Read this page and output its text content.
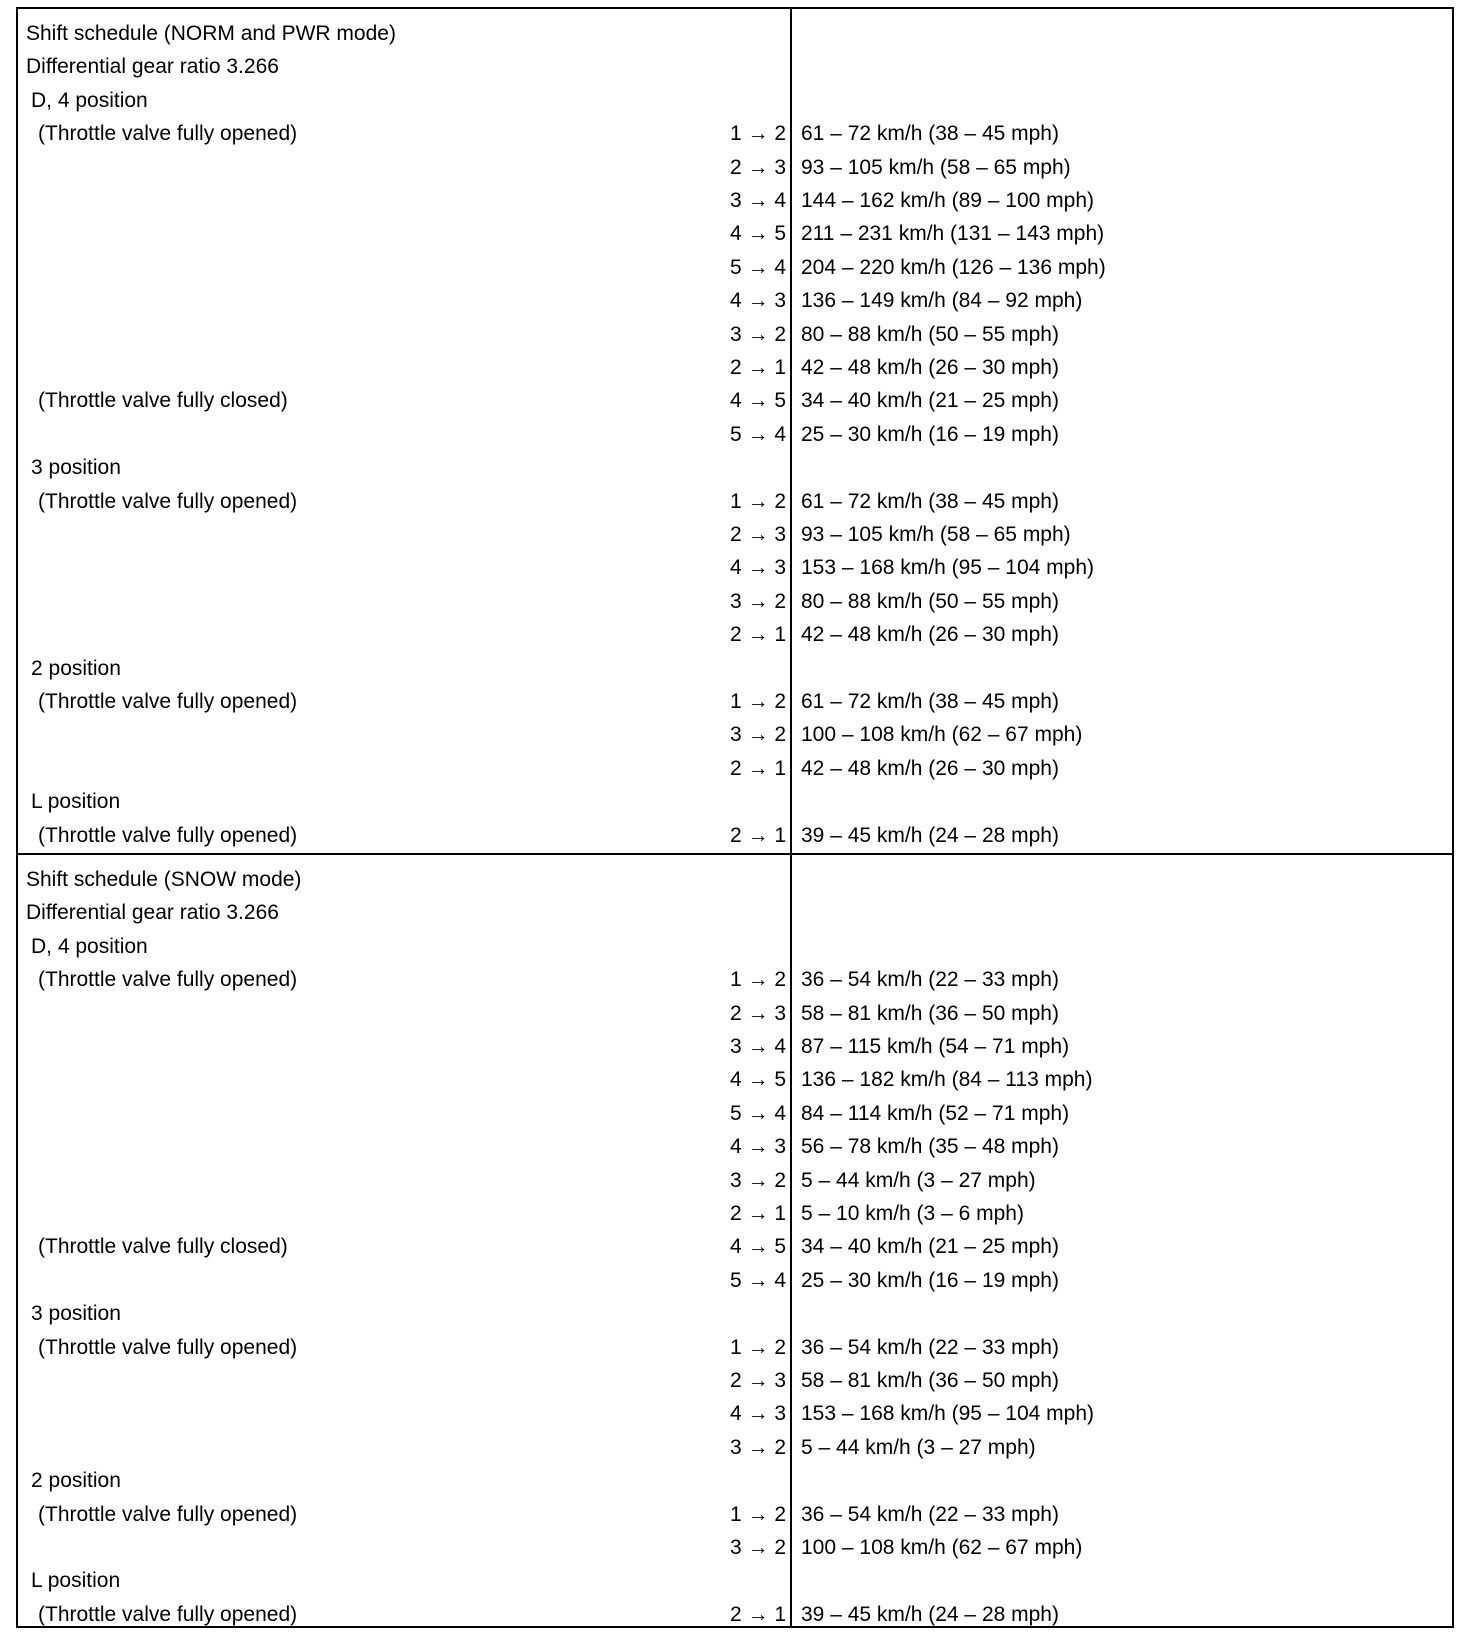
Shift schedule (NORM and PWR mode)
Differential gear ratio 3.266
D, 4 position
(Throttle valve fully opened)	1 → 2 61 – 72 km/h (38 – 45 mph)
2 → 3 93 – 105 km/h (58 – 65 mph)
3 → 4 144 – 162 km/h (89 – 100 mph)
4 → 5 211 – 231 km/h (131 – 143 mph)
5 → 4 204 – 220 km/h (126 – 136 mph)
4 → 3 136 – 149 km/h (84 – 92 mph)
3 → 2 80 – 88 km/h (50 – 55 mph)
2 → 1 42 – 48 km/h (26 – 30 mph)
(Throttle valve fully closed)	4 → 5 34 – 40 km/h (21 – 25 mph)
5 → 4 25 – 30 km/h (16 – 19 mph)
3 position
(Throttle valve fully opened)	1 → 2 61 – 72 km/h (38 – 45 mph)
2 → 3 93 – 105 km/h (58 – 65 mph)
4 → 3 153 – 168 km/h (95 – 104 mph)
3 → 2 80 – 88 km/h (50 – 55 mph)
2 → 1 42 – 48 km/h (26 – 30 mph)
2 position
(Throttle valve fully opened)	1 → 2 61 – 72 km/h (38 – 45 mph)
3 → 2 100 – 108 km/h (62 – 67 mph)
2 → 1 42 – 48 km/h (26 – 30 mph)
L position
(Throttle valve fully opened)	2 → 1 39 – 45 km/h (24 – 28 mph)
Shift schedule (SNOW mode)
Differential gear ratio 3.266
D, 4 position
(Throttle valve fully opened)	1 → 2 36 – 54 km/h (22 – 33 mph)
2 → 3 58 – 81 km/h (36 – 50 mph)
3 → 4 87 – 115 km/h (54 – 71 mph)
4 → 5 136 – 182 km/h (84 – 113 mph)
5 → 4 84 – 114 km/h (52 – 71 mph)
4 → 3 56 – 78 km/h (35 – 48 mph)
3 → 2 5 – 44 km/h (3 – 27 mph)
2 → 1 5 – 10 km/h (3 – 6 mph)
(Throttle valve fully closed)	4 → 5 34 – 40 km/h (21 – 25 mph)
5 → 4 25 – 30 km/h (16 – 19 mph)
3 position
(Throttle valve fully opened)	1 → 2 36 – 54 km/h (22 – 33 mph)
2 → 3 58 – 81 km/h (36 – 50 mph)
4 → 3 153 – 168 km/h (95 – 104 mph)
3 → 2 5 – 44 km/h (3 – 27 mph)
2 position
(Throttle valve fully opened)	1 → 2 36 – 54 km/h (22 – 33 mph)
3 → 2 100 – 108 km/h (62 – 67 mph)
L position
(Throttle valve fully opened)	2 → 1 39 – 45 km/h (24 – 28 mph)
